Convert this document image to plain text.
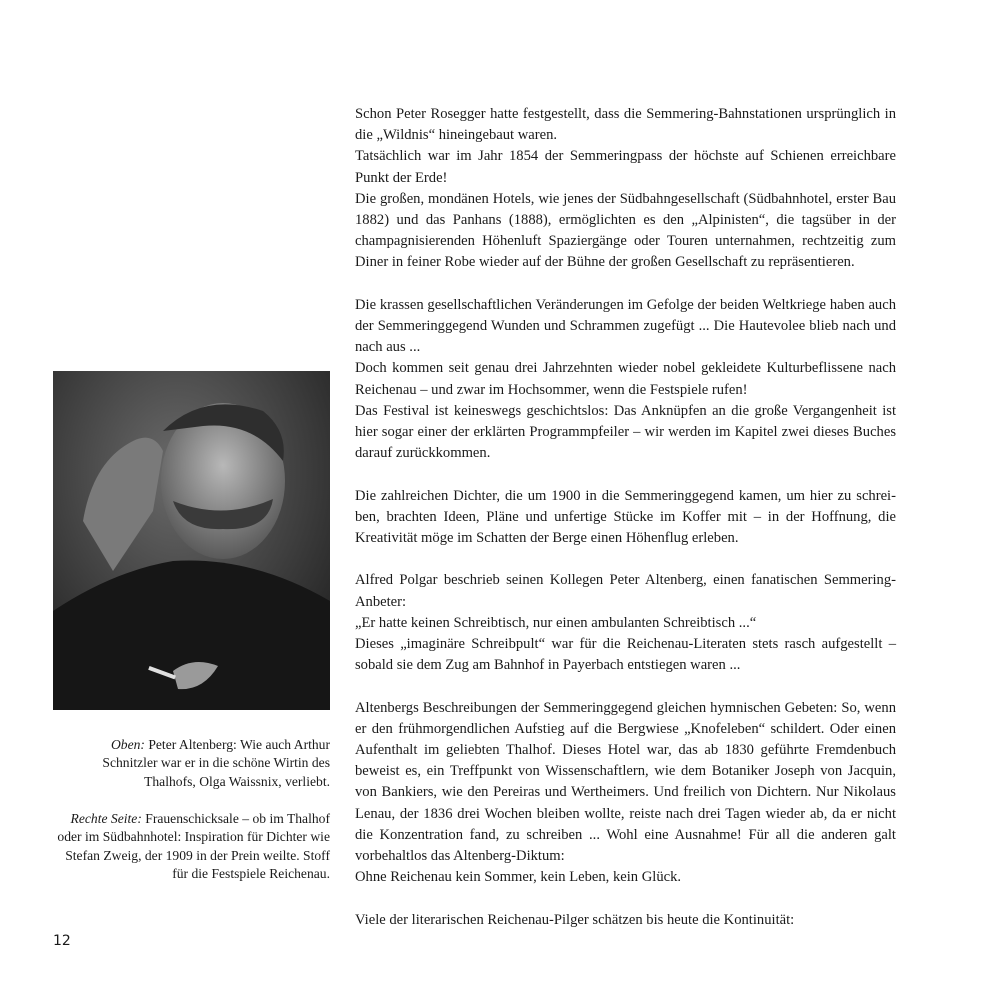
Oben: Peter Altenberg: Wie auch Arthur Schnitzler war er in die schöne Wirtin des Thalhofs, Olga Waissnix, verliebt.

Rechte Seite: Frauenschicksale – ob im Thalhof oder im Südbahnhotel: Inspiration für Dichter wie Stefan Zweig, der 1909 in der Prein weilte. Stoff für die Festspiele Reichenau.

Schon Peter Rosegger hatte festgestellt, dass die Semmering-Bahnstationen ursprünglich in die „Wildnis“ hineingebaut waren.

Tatsächlich war im Jahr 1854 der Semmeringpass der höchste auf Schienen erreichbare Punkt der Erde!

Die großen, mondänen Hotels, wie jenes der Südbahngesellschaft (Südbahnhotel, erster Bau 1882) und das Panhans (1888), ermöglichten es den „Alpinisten“, die tagsüber in der champagnisierenden Höhenluft Spaziergänge oder Touren unternahmen, rechtzeitig zum Diner in feiner Robe wieder auf der Bühne der großen Gesellschaft zu repräsentieren.

Die krassen gesellschaftlichen Veränderungen im Gefolge der beiden Weltkriege haben auch der Semmeringgegend Wunden und Schrammen zugefügt ... Die Hautevolee blieb nach und nach aus ...

Doch kommen seit genau drei Jahrzehnten wieder nobel gekleidete Kulturbeflissene nach Reichenau – und zwar im Hochsommer, wenn die Festspiele rufen!

Das Festival ist keineswegs geschichtslos: Das Anknüpfen an die große Vergangenheit ist hier sogar einer der erklärten Programmpfeiler – wir werden im Kapitel zwei dieses Buches darauf zurückkommen.

Die zahlreichen Dichter, die um 1900 in die Semmeringgegend kamen, um hier zu schreiben, brachten Ideen, Pläne und unfertige Stücke im Koffer mit – in der Hoffnung, die Kreativität möge im Schatten der Berge einen Höhenflug erleben.

Alfred Polgar beschrieb seinen Kollegen Peter Altenberg, einen fanatischen Semmering-Anbeter:

„Er hatte keinen Schreibtisch, nur einen ambulanten Schreibtisch ...“

Dieses „imaginäre Schreibpult“ war für die Reichenau-Literaten stets rasch aufgestellt – sobald sie dem Zug am Bahnhof in Payerbach entstiegen waren ...

Altenbergs Beschreibungen der Semmeringgegend gleichen hymnischen Gebeten: So, wenn er den frühmorgendlichen Aufstieg auf die Bergwiese „Knofeleben“ schildert. Oder einen Aufenthalt im geliebten Thalhof. Dieses Hotel war, das ab 1830 geführte Fremdenbuch beweist es, ein Treffpunkt von Wissenschaftlern, wie dem Botaniker Joseph von Jacquin, von Bankiers, wie den Pereiras und Wertheimers. Und freilich von Dichtern. Nur Nikolaus Lenau, der 1836 drei Wochen bleiben wollte, reiste nach drei Tagen wieder ab, da er nicht die Konzentration fand, zu schreiben ... Wohl eine Ausnahme! Für all die anderen galt vorbehaltlos das Altenberg-Diktum:

Ohne Reichenau kein Sommer, kein Leben, kein Glück.

Viele der literarischen Reichenau-Pilger schätzen bis heute die Kontinuität:

12
